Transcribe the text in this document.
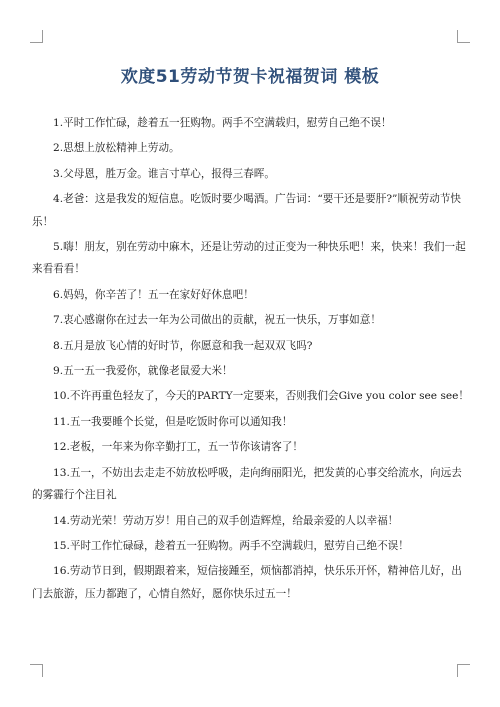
欢度51劳动节贺卡祝福贺词 模板

1.平时工作忙碌，趁着五一狂购物。两手不空满载归，慰劳自己绝不误！

2.思想上放松精神上劳动。

3.父母恩，胜万金。谁言寸草心，报得三春晖。

4.老爸：这是我发的短信息。吃饭时要少喝酒。广告词：“要干还是要肝?”顺祝劳动节快乐！

5.嗨！朋友，别在劳动中麻木，还是让劳动的过正变为一种快乐吧！来，快来！我们一起来看看看！

6.妈妈，你辛苦了！五一在家好好休息吧！

7.衷心感谢你在过去一年为公司做出的贡献，祝五一快乐，万事如意！

8.五月是放飞心情的好时节，你愿意和我一起双双飞吗?

9.五一五一我爱你，就像老鼠爱大米！

10.不许再重色轻友了，今天的PARTY一定要来，否则我们会Give you color see see！

11.五一我要睡个长觉，但是吃饭时你可以通知我！

12.老板，一年来为你辛勤打工，五一节你该请客了！

13.五一，不妨出去走走不妨放松呼吸，走向绚丽阳光，把发黄的心事交给流水，向远去的雾霾行个注目礼

14.劳动光荣！劳动万岁！用自己的双手创造辉煌，给最亲爱的人以幸福！

15.平时工作忙碌碌，趁着五一狂购物。两手不空满载归，慰劳自己绝不误！

16.劳动节日到，假期跟着来，短信接踵至，烦恼都消掉，快乐乐开怀，精神倍儿好，出门去旅游，压力都跑了，心情自然好，愿你快乐过五一！
